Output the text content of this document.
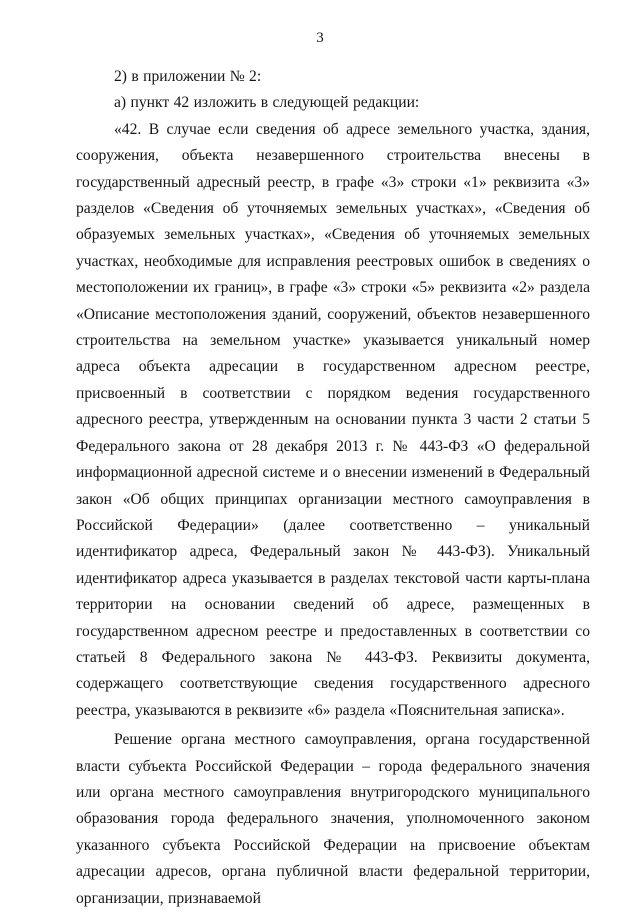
3

2) в приложении № 2:

а) пункт 42 изложить в следующей редакции:

«42. В случае если сведения об адресе земельного участка, здания, сооружения, объекта незавершенного строительства внесены в государственный адресный реестр, в графе «3» строки «1» реквизита «3» разделов «Сведения об уточняемых земельных участках», «Сведения об образуемых земельных участках», «Сведения об уточняемых земельных участках, необходимые для исправления реестровых ошибок в сведениях о местоположении их границ», в графе «3» строки «5» реквизита «2» раздела «Описание местоположения зданий, сооружений, объектов незавершенного строительства на земельном участке» указывается уникальный номер адреса объекта адресации в государственном адресном реестре, присвоенный в соответствии с порядком ведения государственного адресного реестра, утвержденным на основании пункта 3 части 2 статьи 5 Федерального закона от 28 декабря 2013 г. № 443-ФЗ «О федеральной информационной адресной системе и о внесении изменений в Федеральный закон «Об общих принципах организации местного самоуправления в Российской Федерации» (далее соответственно – уникальный идентификатор адреса, Федеральный закон № 443-ФЗ). Уникальный идентификатор адреса указывается в разделах текстовой части карты-плана территории на основании сведений об адресе, размещенных в государственном адресном реестре и предоставленных в соответствии со статьей 8 Федерального закона № 443-ФЗ. Реквизиты документа, содержащего соответствующие сведения государственного адресного реестра, указываются в реквизите «6» раздела «Пояснительная записка».

Решение органа местного самоуправления, органа государственной власти субъекта Российской Федерации – города федерального значения или органа местного самоуправления внутригородского муниципального образования города федерального значения, уполномоченного законом указанного субъекта Российской Федерации на присвоение объектам адресации адресов, органа публичной власти федеральной территории, организации, признаваемой
